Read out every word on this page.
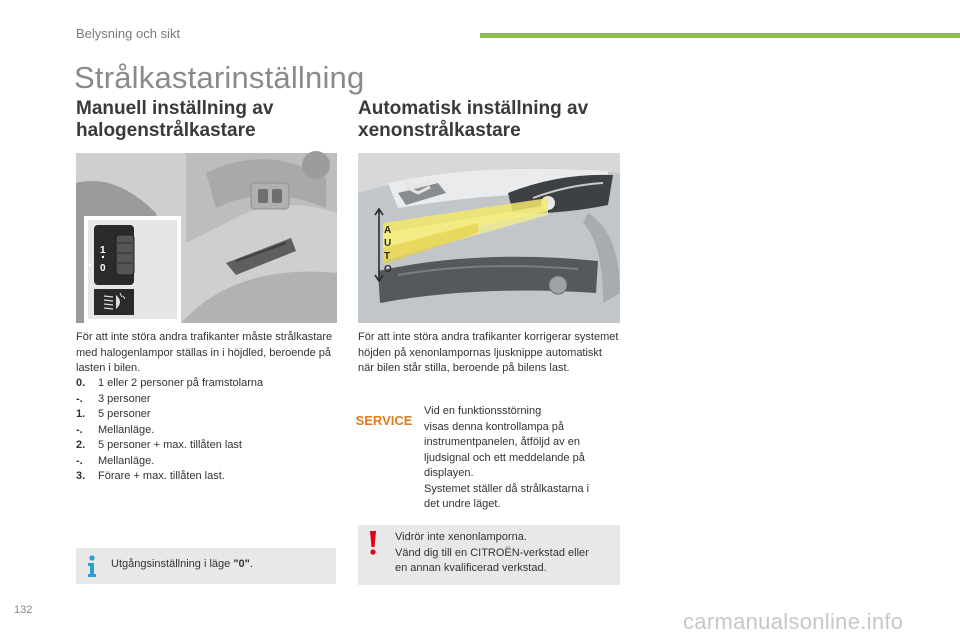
Belysning och sikt
Strålkastarinställning
Manuell inställning av
halogenstrålkastare
Automatisk inställning av
xenonstrålkastare
1
0
A
U
T
O
För att inte störa andra trafikanter måste strålkastare med halogenlampor ställas in i höjdled, beroende på lasten i bilen.
0.	1 eller 2 personer på framstolarna
-.	3 personer
1.	5 personer
-.	Mellanläge.
2.	5 personer + max. tillåten last
-.	Mellanläge.
3.	Förare + max. tillåten last.
Utgångsinställning i läge "0".
För att inte störa andra trafikanter korrigerar systemet höjden på xenonlampornas ljusknippe automatiskt när bilen står stilla, beroende på bilens last.
SERVICE
Vid en funktionsstörning
visas denna kontrollampa på
instrumentpanelen, åtföljd av en
ljudsignal och ett meddelande på
displayen.
Systemet ställer då strålkastarna i
det undre läget.
Vidrör inte xenonlamporna.
Vänd dig till en CITROËN-verkstad eller
en annan kvalificerad verkstad.
132	carmanualsonline.info
